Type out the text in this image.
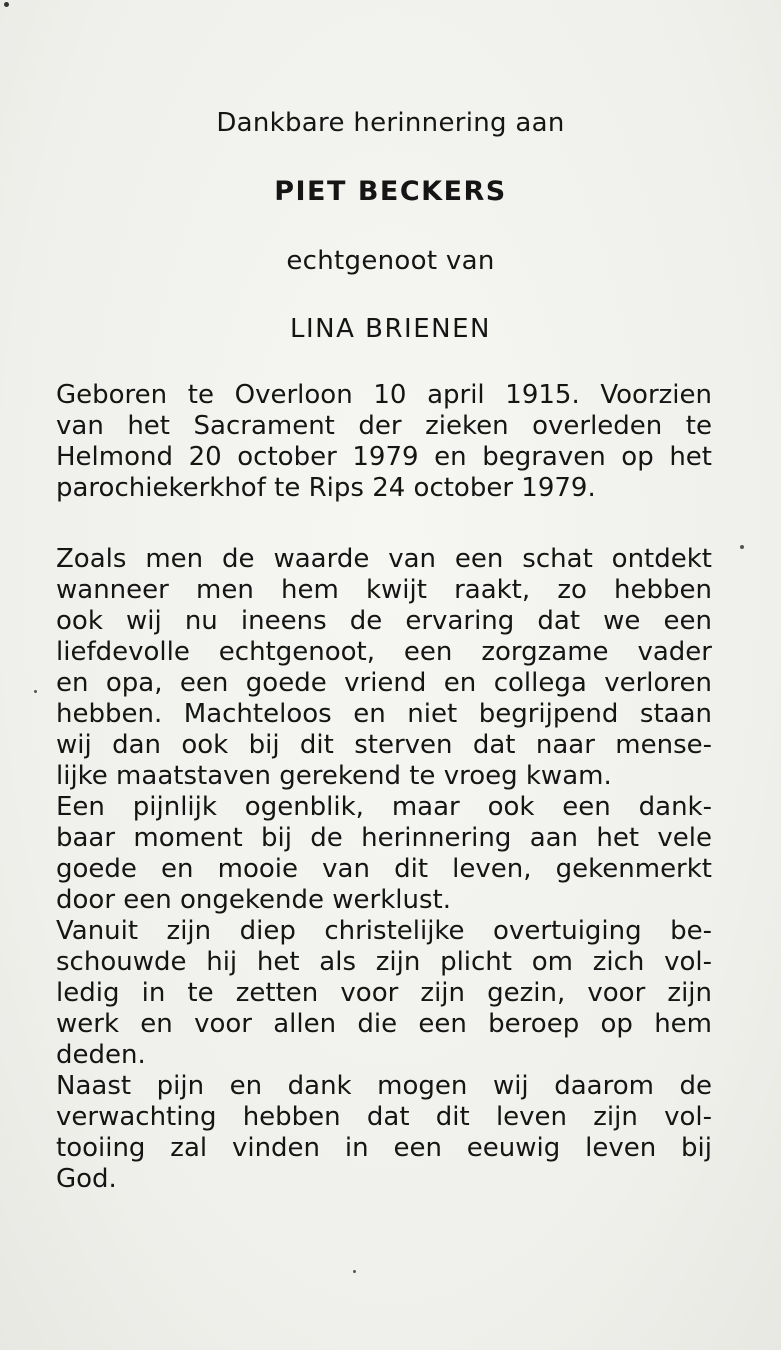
Dankbare herinnering aan

PIET BECKERS

echtgenoot van

LINA BRIENEN

Geboren te Overloon 10 april 1915. Voorzien
van het Sacrament der zieken overleden te
Helmond 20 october 1979 en begraven op het
parochiekerkhof te Rips 24 october 1979.
Zoals men de waarde van een schat ontdekt
wanneer men hem kwijt raakt, zo hebben
ook wij nu ineens de ervaring dat we een
liefdevolle echtgenoot, een zorgzame vader
en opa, een goede vriend en collega verloren
hebben. Machteloos en niet begrijpend staan
wij dan ook bij dit sterven dat naar mense-
lijke maatstaven gerekend te vroeg kwam.
Een pijnlijk ogenblik, maar ook een dank-
baar moment bij de herinnering aan het vele
goede en mooie van dit leven, gekenmerkt
door een ongekende werklust.
Vanuit zijn diep christelijke overtuiging be-
schouwde hij het als zijn plicht om zich vol-
ledig in te zetten voor zijn gezin, voor zijn
werk en voor allen die een beroep op hem
deden.
Naast pijn en dank mogen wij daarom de
verwachting hebben dat dit leven zijn vol-
tooiing zal vinden in een eeuwig leven bij
God.
